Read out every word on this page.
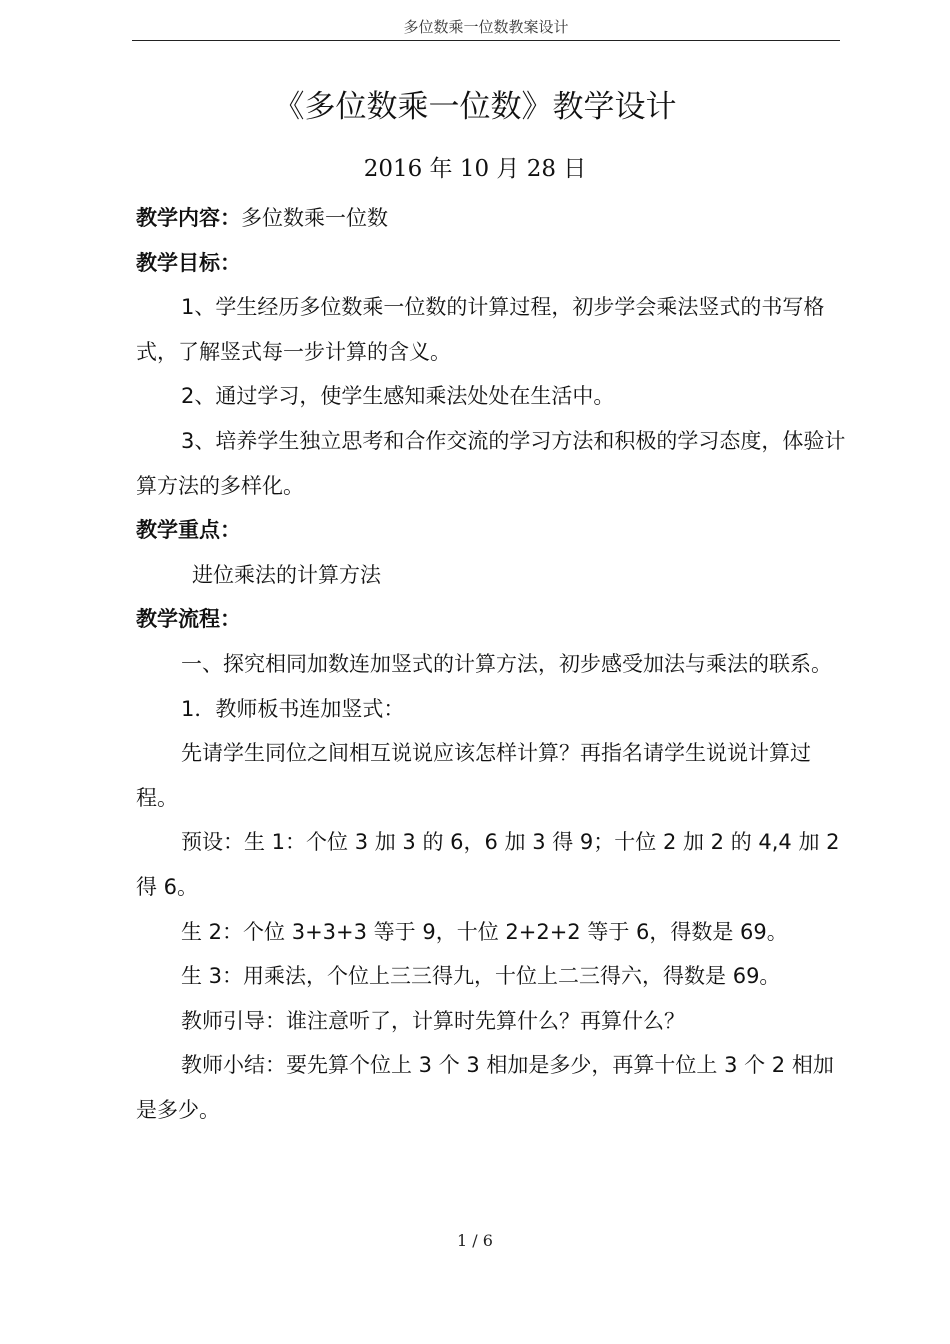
多位数乘一位数教案设计
《多位数乘一位数》教学设计
2016 年 10 月 28 日

教学内容：多位数乘一位数

教学目标：

1、学生经历多位数乘一位数的计算过程，初步学会乘法竖式的书写格式，了解竖式每一步计算的含义。

2、通过学习，使学生感知乘法处处在生活中。

3、培养学生独立思考和合作交流的学习方法和积极的学习态度，体验计算方法的多样化。

教学重点：

进位乘法的计算方法

教学流程：

一、探究相同加数连加竖式的计算方法，初步感受加法与乘法的联系。

1．教师板书连加竖式：

先请学生同位之间相互说说应该怎样计算？再指名请学生说说计算过程。

预设：生 1：个位 3 加 3 的 6，6 加 3 得 9；十位 2 加 2 的 4,4 加 2 得 6。

生 2：个位 3+3+3 等于 9，十位 2+2+2 等于 6，得数是 69。

生 3：用乘法，个位上三三得九，十位上二三得六，得数是 69。

教师引导：谁注意听了，计算时先算什么？再算什么？

教师小结：要先算个位上 3 个 3 相加是多少，再算十位上 3 个 2 相加是多少。

1 / 6
